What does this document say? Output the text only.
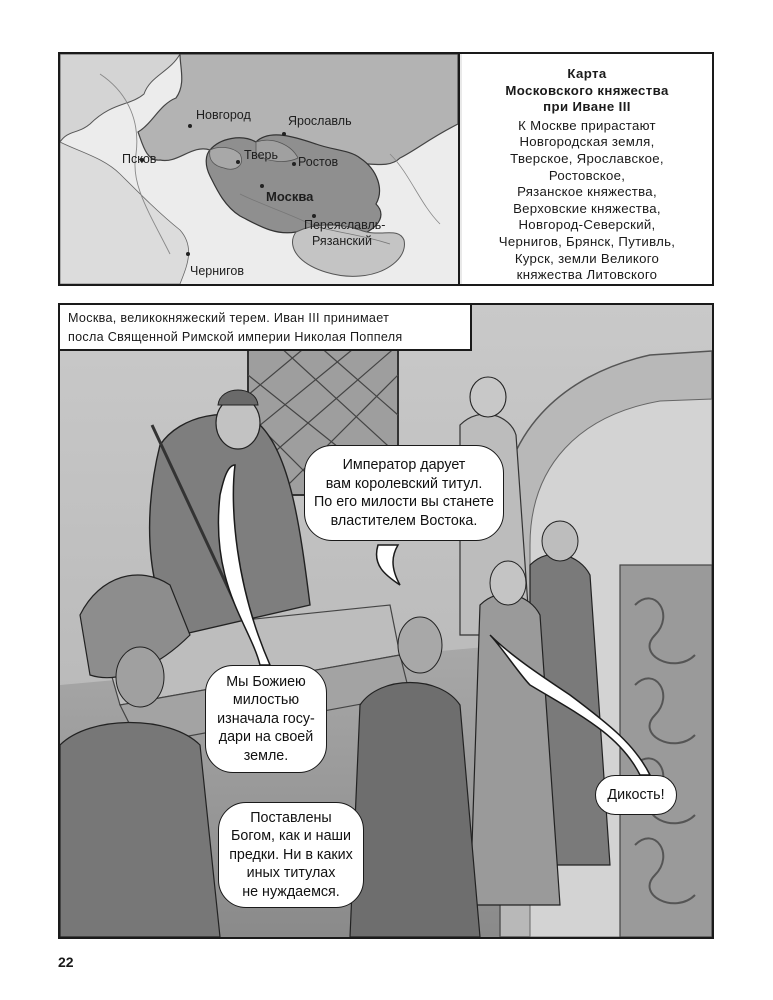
Новгород	Ярославль
Псков	Тверь Ростов
Москва
Переяславль-
Рязанский
Чернигов
Карта
Московского княжества
при Иване III
К Москве прирастают
Новгородская земля,
Тверское, Ярославское,
Ростовское,
Рязанское княжества,
Верховские княжества,
Новгород-Северский,
Чернигов, Брянск, Путивль,
Курск, земли Великого
княжества Литовского
Москва, великокняжеский терем. Иван III принимает
посла Священной Римской империи Николая Поппеля
Император дарует
вам королевский титул.
По его милости вы станете
властителем Востока.
Мы Божиею
милостью
изначала госу-
дари на своей
земле.
Поставлены
Богом, как и наши
предки. Ни в каких
иных титулах
не нуждаемся.
Дикость!
22
